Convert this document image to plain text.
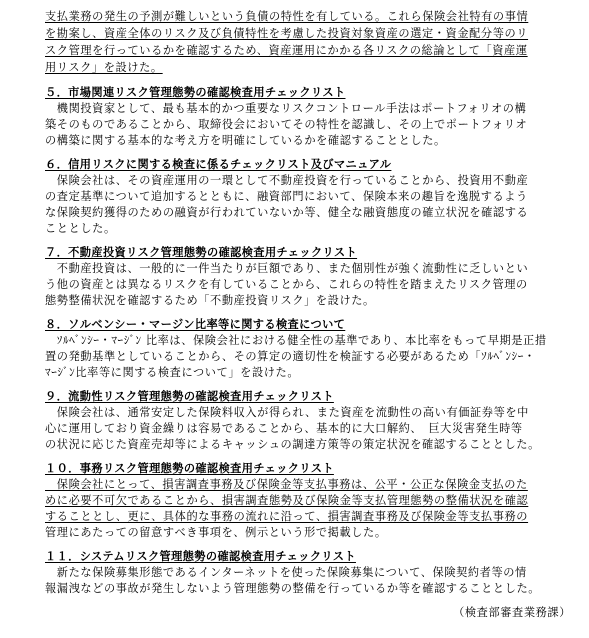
支払業務の発生の予測が難しいという負債の特性を有している。これら保険会社特有の事情
を勘案し、資産全体のリスク及び負債特性を考慮した投資対象資産の選定・資金配分等のリ
スク管理を行っているかを確認するため、資産運用にかかる各リスクの総論として「資産運
用リスク」を設けた。
５．市場関連リスク管理態勢の確認検査用チェックリスト
　機関投資家として、最も基本的かつ重要なリスクコントロール手法はポートフォリオの構
築そのものであることから、取締役会においてその特性を認識し、その上でポートフォリオ
の構築に関する基本的な考え方を明確にしているかを確認することとした。
６．信用リスクに関する検査に係るチェックリスト及びマニュアル
　保険会社は、その資産運用の一環として不動産投資を行っていることから、投資用不動産
の査定基準について追加するとともに、融資部門において、保険本来の趣旨を逸脱するよう
な保険契約獲得のための融資が行われていないか等、健全な融資態度の確立状況を確認する
こととした。
７．不動産投資リスク管理態勢の確認検査用チェックリスト
　不動産投資は、一般的に一件当たりが巨額であり、また個別性が強く流動性に乏しいとい
う他の資産とは異なるリスクを有していることから、これらの特性を踏まえたリスク管理の
態勢整備状況を確認するため「不動産投資リスク」を設けた。
８．ソルベンシー・マージン比率等に関する検査について
　ｿﾙﾍﾞﾝｼｰ・ﾏｰｼﾞﾝ 比率は、保険会社における健全性の基準であり、本比率をもって早期是正措
置の発動基準としていることから、その算定の適切性を検証する必要があるため「ｿﾙﾍﾞﾝｼｰ・
ﾏｰｼﾞﾝ比率等に関する検査について」を設けた。
９．流動性リスク管理態勢の確認検査用チェックリスト
　保険会社は、通常安定した保険料収入が得られ、また資産を流動性の高い有価証券等を中
心に運用しており資金繰りは容易であることから、基本的に大口解約、　巨大災害発生時等
の状況に応じた資産売却等によるキャッシュの調達方策等の策定状況を確認することとした。
１０．事務リスク管理態勢の確認検査用チェックリスト
　保険会社にとって、損害調査事務及び保険金等支払事務は、公平・公正な保険金支払のた
めに必要不可欠であることから、損害調査態勢及び保険金等支払管理態勢の整備状況を確認
することとし、更に、具体的な事務の流れに沿って、損害調査事務及び保険金等支払事務の
管理にあたっての留意すべき事項を、例示という形で掲載した。
１１．システムリスク管理態勢の確認検査用チェックリスト
　新たな保険募集形態であるインターネットを使った保険募集について、保険契約者等の情
報漏洩などの事故が発生しないよう管理態勢の整備を行っているか等を確認することとした。
（検査部審査業務課）
